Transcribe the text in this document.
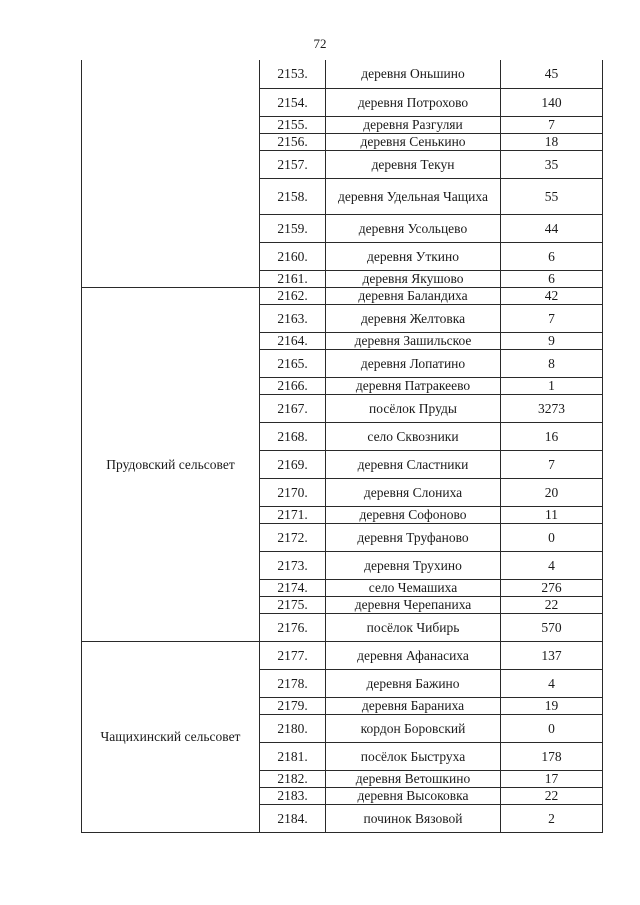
72
	2153.	деревня Оньшино	45
	2154.	деревня Потрохово	140
	2155.	деревня Разгуляи	7
	2156.	деревня Сенькино	18
	2157.	деревня Текун	35
	2158.	деревня Удельная Чащиха	55
	2159.	деревня Усольцево	44
	2160.	деревня Уткино	6
	2161.	деревня Якушово	6
Прудовский сельсовет	2162.	деревня Баландиха	42
	2163.	деревня Желтовка	7
	2164.	деревня Зашильское	9
	2165.	деревня Лопатино	8
	2166.	деревня Патракеево	1
	2167.	посёлок Пруды	3273
	2168.	село Сквозники	16
	2169.	деревня Сластники	7
	2170.	деревня Слониха	20
	2171.	деревня Софоново	11
	2172.	деревня Труфаново	0
	2173.	деревня Трухино	4
	2174.	село Чемашиха	276
	2175.	деревня Черепаниха	22
	2176.	посёлок Чибирь	570
Чащихинский сельсовет	2177.	деревня Афанасиха	137
	2178.	деревня Бажино	4
	2179.	деревня Бараниха	19
	2180.	кордон Боровский	0
	2181.	посёлок Быструха	178
	2182.	деревня Ветошкино	17
	2183.	деревня Высоковка	22
	2184.	починок Вязовой	2
